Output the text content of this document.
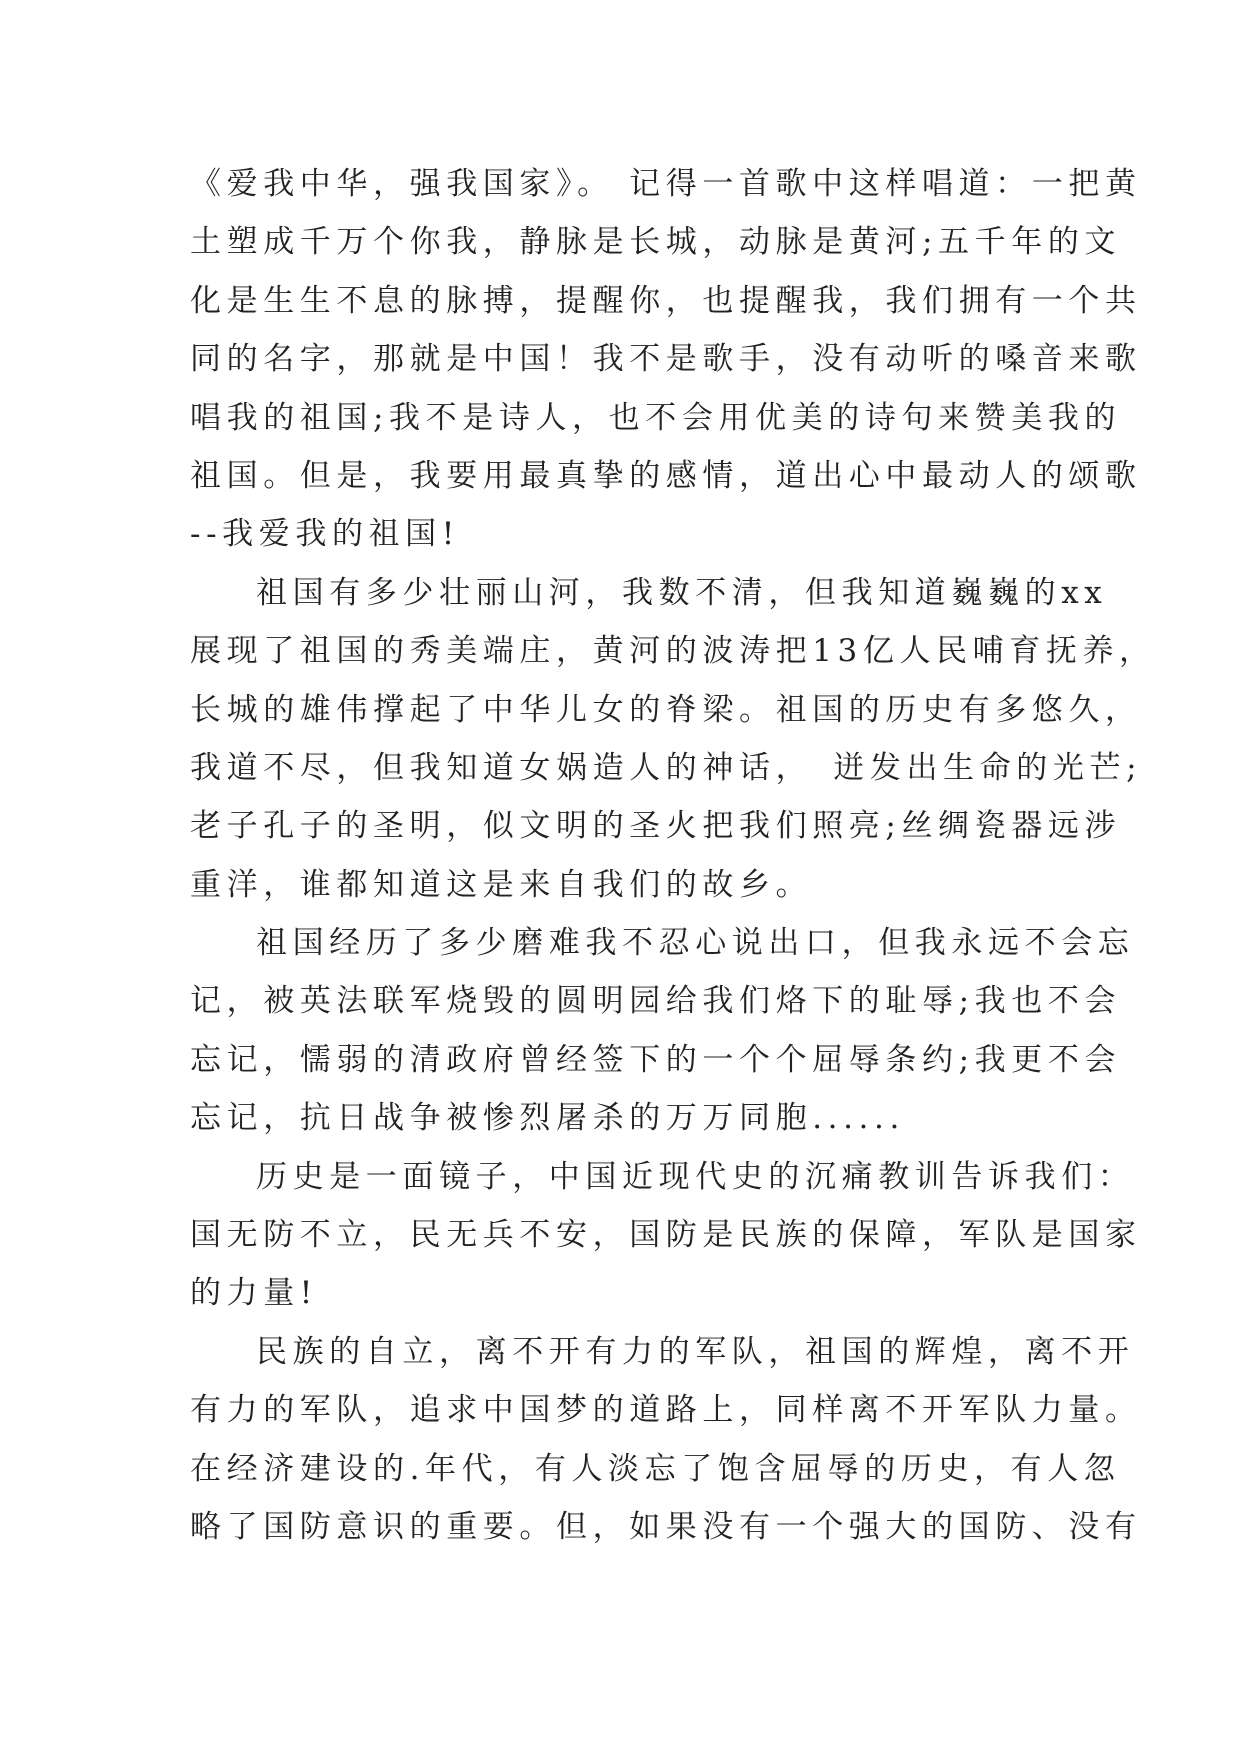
《爱我中华，强我国家》。 记得一首歌中这样唱道：一把黄
土塑成千万个你我，静脉是长城，动脉是黄河;五千年的文
化是生生不息的脉搏，提醒你，也提醒我，我们拥有一个共
同的名字，那就是中国！我不是歌手，没有动听的嗓音来歌
唱我的祖国;我不是诗人，也不会用优美的诗句来赞美我的
祖国。但是，我要用最真挚的感情，道出心中最动人的颂歌
--我爱我的祖国!
祖国有多少壮丽山河，我数不清，但我知道巍巍的xx
展现了祖国的秀美端庄，黄河的波涛把13亿人民哺育抚养，
长城的雄伟撑起了中华儿女的脊梁。祖国的历史有多悠久，
我道不尽，但我知道女娲造人的神话，　迸发出生命的光芒;
老子孔子的圣明，似文明的圣火把我们照亮;丝绸瓷器远涉
重洋，谁都知道这是来自我们的故乡。
祖国经历了多少磨难我不忍心说出口，但我永远不会忘
记，被英法联军烧毁的圆明园给我们烙下的耻辱;我也不会
忘记，懦弱的清政府曾经签下的一个个屈辱条约;我更不会
忘记，抗日战争被惨烈屠杀的万万同胞......
历史是一面镜子，中国近现代史的沉痛教训告诉我们：
国无防不立，民无兵不安，国防是民族的保障，军队是国家
的力量!
民族的自立，离不开有力的军队，祖国的辉煌，离不开
有力的军队，追求中国梦的道路上，同样离不开军队力量。
在经济建设的.年代，有人淡忘了饱含屈辱的历史，有人忽
略了国防意识的重要。但，如果没有一个强大的国防、没有
